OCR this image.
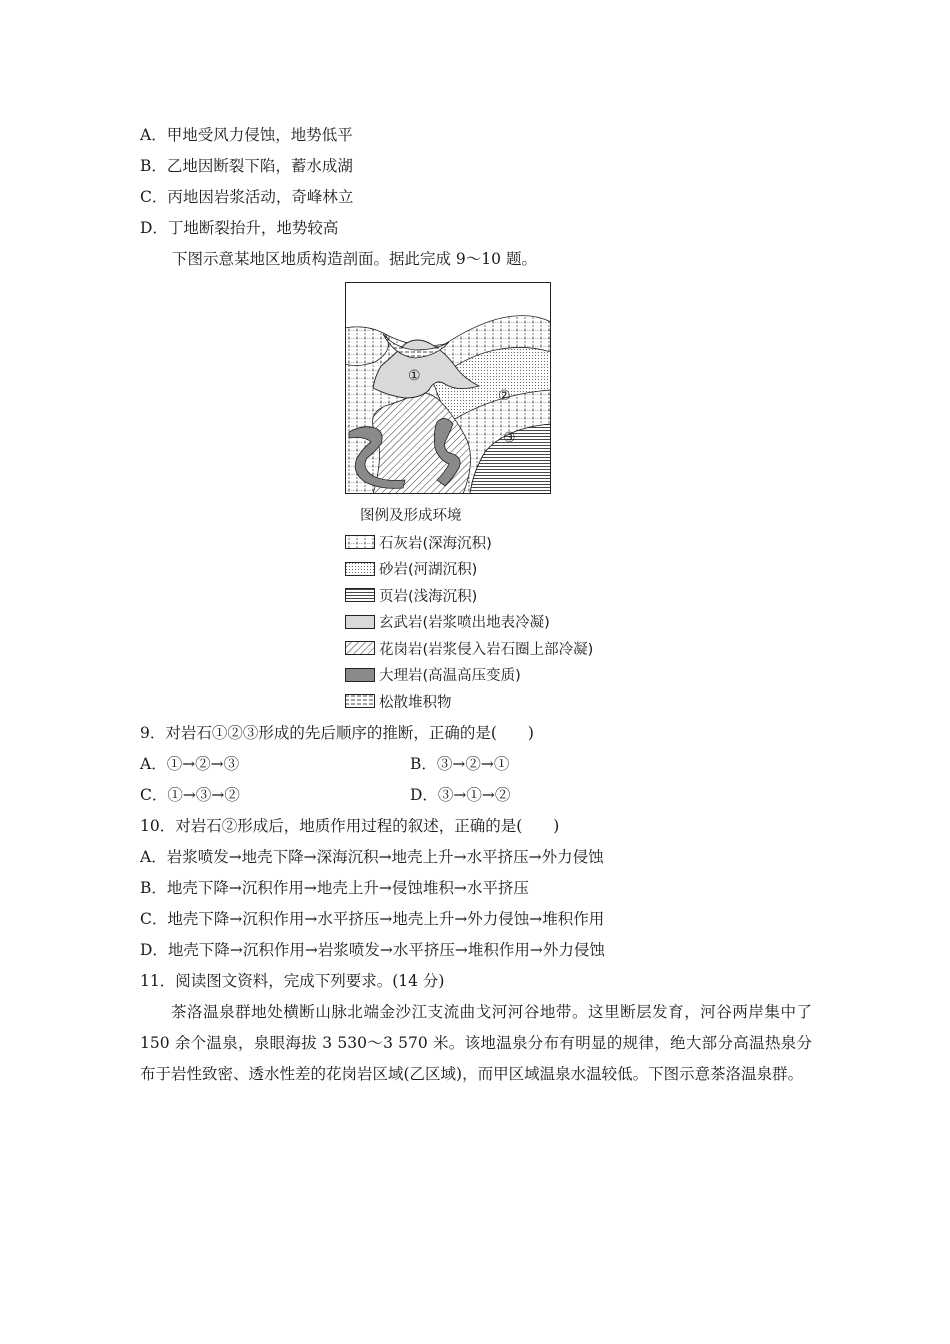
A．甲地受风力侵蚀，地势低平
B．乙地因断裂下陷，蓄水成湖
C．丙地因岩浆活动，奇峰林立
D．丁地断裂抬升，地势较高
下图示意某地区地质构造剖面。据此完成 9～10 题。
①
②
③
图例及形成环境
石灰岩(深海沉积)
砂岩(河湖沉积)
页岩(浅海沉积)
玄武岩(岩浆喷出地表冷凝)
花岗岩(岩浆侵入岩石圈上部冷凝)
大理岩(高温高压变质)
松散堆积物
9．对岩石①②③形成的先后顺序的推断，正确的是(　　)
A．①→②→③	B．③→②→①
C．①→③→②	D．③→①→②
10．对岩石②形成后，地质作用过程的叙述，正确的是(　　)
A．岩浆喷发→地壳下降→深海沉积→地壳上升→水平挤压→外力侵蚀
B．地壳下降→沉积作用→地壳上升→侵蚀堆积→水平挤压
C．地壳下降→沉积作用→水平挤压→地壳上升→外力侵蚀→堆积作用
D．地壳下降→沉积作用→岩浆喷发→水平挤压→堆积作用→外力侵蚀
11．阅读图文资料，完成下列要求。(14 分)
茶洛温泉群地处横断山脉北端金沙江支流曲戈河河谷地带。这里断层发育，河谷两岸集中了 150 余个温泉，泉眼海拔 3 530～3 570 米。该地温泉分布有明显的规律，绝大部分高温热泉分布于岩性致密、透水性差的花岗岩区域(乙区域)，而甲区域温泉水温较低。下图示意茶洛温泉群。
